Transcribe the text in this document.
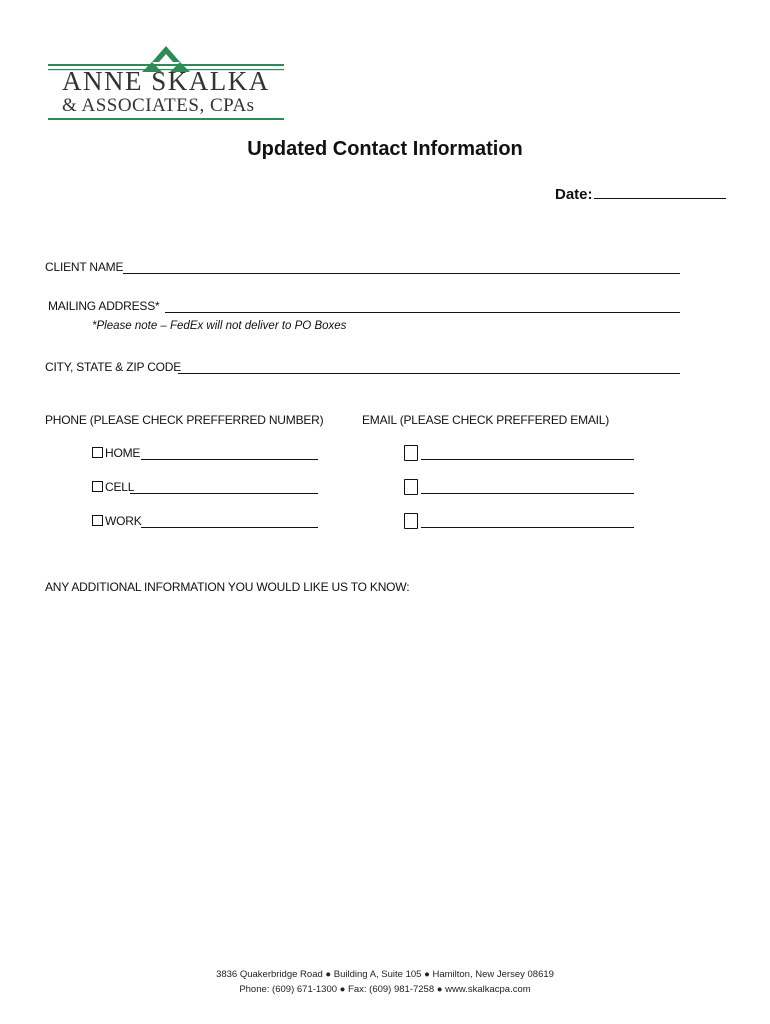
ANNE SKALKA
& ASSOCIATES, CPAs
Updated Contact Information
Date:
CLIENT NAME
MAILING ADDRESS*
*Please note – FedEx will not deliver to PO Boxes
CITY, STATE & ZIP CODE
PHONE (PLEASE CHECK PREFFERRED NUMBER)	EMAIL (PLEASE CHECK PREFFERED EMAIL)
HOME
CELL
WORK
ANY ADDITIONAL INFORMATION YOU WOULD LIKE US TO KNOW:
3836 Quakerbridge Road ● Building A, Suite 105 ● Hamilton, New Jersey 08619
Phone: (609) 671-1300 ● Fax: (609) 981-7258 ● www.skalkacpa.com
